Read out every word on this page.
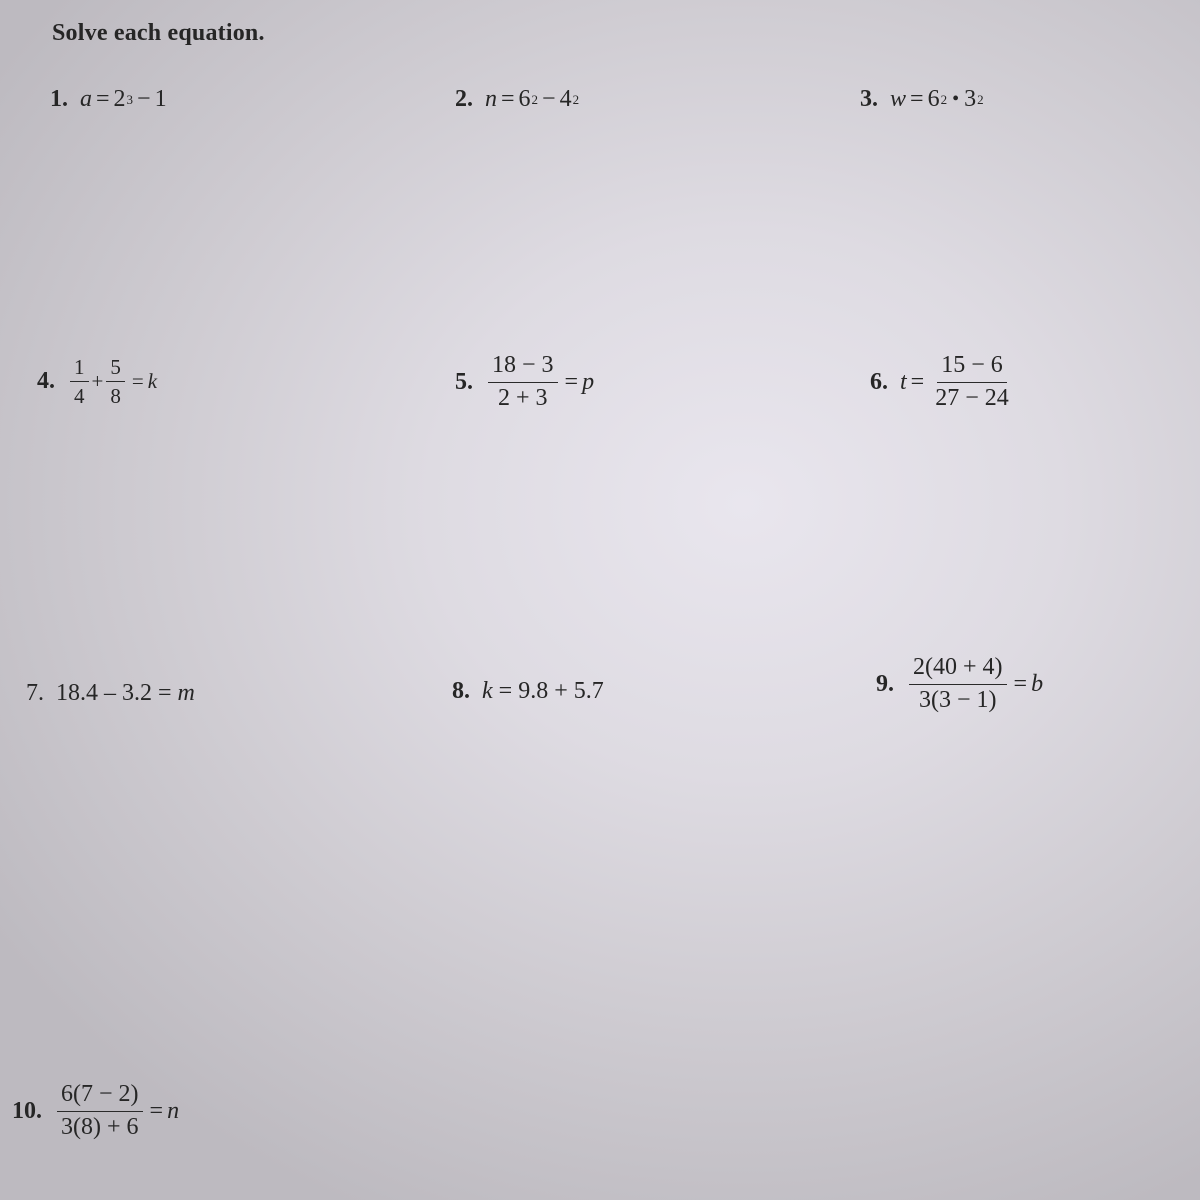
Solve each equation.
1. a = 2 3 − 1	2. n = 6 2 − 4 2	3. w = 6 2 • 3 2
4. $\frac{1}{4} + \frac{5}{8} = k$	5. $\frac{18 - 3}{2 + 3} = p$	6. $t = \frac{15 - 6}{27 - 24}$
7. 18.4 – 3.2 = m	8. k = 9.8 + 5.7	9. $\frac{2(40 + 4)}{3(3 - 1)} = b$
10. $\frac{6(7 - 2)}{3(8) + 6} = n$
